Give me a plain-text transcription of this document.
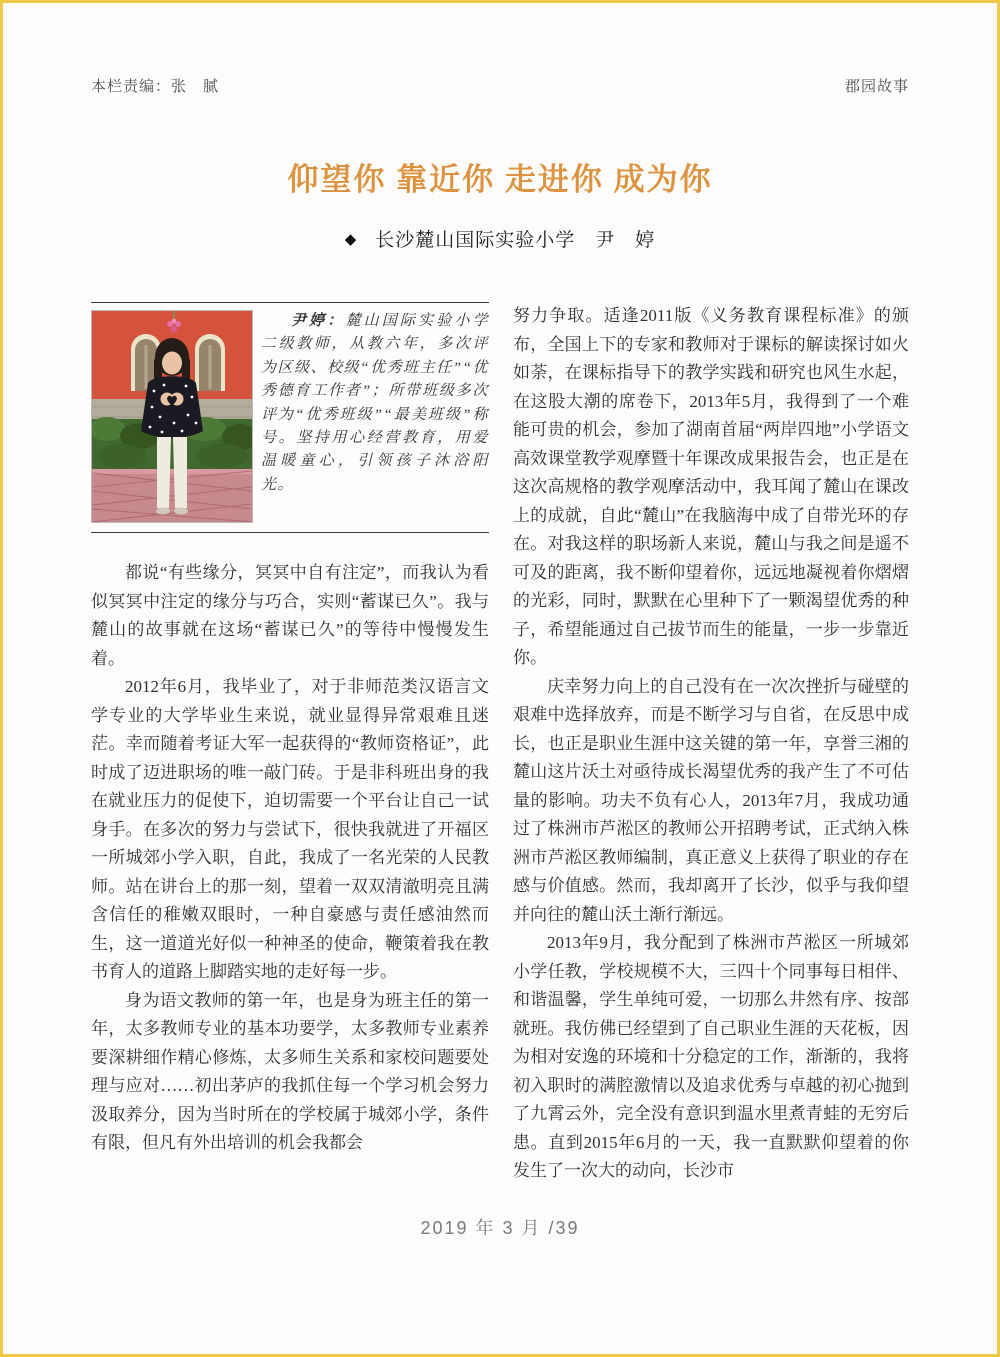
本栏责编：张　腻	郡园故事
仰望你 靠近你 走进你 成为你
◆ 长沙麓山国际实验小学　尹　婷

尹婷：麓山国际实验小学二级教师，从教六年，多次评为区级、校级“优秀班主任”“优秀德育工作者”；所带班级多次评为“优秀班级”“最美班级”称号。坚持用心经营教育，用爱温暖童心，引领孩子沐浴阳光。

都说“有些缘分，冥冥中自有注定”，而我认为看似冥冥中注定的缘分与巧合，实则“蓄谋已久”。我与麓山的故事就在这场“蓄谋已久”的等待中慢慢发生着。

2012年6月，我毕业了，对于非师范类汉语言文学专业的大学毕业生来说，就业显得异常艰难且迷茫。幸而随着考证大军一起获得的“教师资格证”，此时成了迈进职场的唯一敲门砖。于是非科班出身的我在就业压力的促使下，迫切需要一个平台让自己一试身手。在多次的努力与尝试下，很快我就进了开福区一所城郊小学入职，自此，我成了一名光荣的人民教师。站在讲台上的那一刻，望着一双双清澈明亮且满含信任的稚嫩双眼时，一种自豪感与责任感油然而生，这一道道光好似一种神圣的使命，鞭策着我在教书育人的道路上脚踏实地的走好每一步。

身为语文教师的第一年，也是身为班主任的第一年，太多教师专业的基本功要学，太多教师专业素养要深耕细作精心修炼，太多师生关系和家校问题要处理与应对……初出茅庐的我抓住每一个学习机会努力汲取养分，因为当时所在的学校属于城郊小学，条件有限，但凡有外出培训的机会我都会

努力争取。适逢2011版《义务教育课程标准》的颁布，全国上下的专家和教师对于课标的解读探讨如火如荼，在课标指导下的教学实践和研究也风生水起，在这股大潮的席卷下，2013年5月，我得到了一个难能可贵的机会，参加了湖南首届“两岸四地”小学语文高效课堂教学观摩暨十年课改成果报告会，也正是在这次高规格的教学观摩活动中，我耳闻了麓山在课改上的成就，自此“麓山”在我脑海中成了自带光环的存在。对我这样的职场新人来说，麓山与我之间是遥不可及的距离，我不断仰望着你，远远地凝视着你熠熠的光彩，同时，默默在心里种下了一颗渴望优秀的种子，希望能通过自己拔节而生的能量，一步一步靠近你。

庆幸努力向上的自己没有在一次次挫折与碰壁的艰难中选择放弃，而是不断学习与自省，在反思中成长，也正是职业生涯中这关键的第一年，享誉三湘的麓山这片沃土对亟待成长渴望优秀的我产生了不可估量的影响。功夫不负有心人，2013年7月，我成功通过了株洲市芦淞区的教师公开招聘考试，正式纳入株洲市芦淞区教师编制，真正意义上获得了职业的存在感与价值感。然而，我却离开了长沙，似乎与我仰望并向往的麓山沃土渐行渐远。

2013年9月，我分配到了株洲市芦淞区一所城郊小学任教，学校规模不大，三四十个同事每日相伴、和谐温馨，学生单纯可爱，一切那么井然有序、按部就班。我仿佛已经望到了自己职业生涯的天花板，因为相对安逸的环境和十分稳定的工作，渐渐的，我将初入职时的满腔激情以及追求优秀与卓越的初心抛到了九霄云外，完全没有意识到温水里煮青蛙的无穷后患。直到2015年6月的一天，我一直默默仰望着的你发生了一次大的动向，长沙市

2019 年 3 月 /39
